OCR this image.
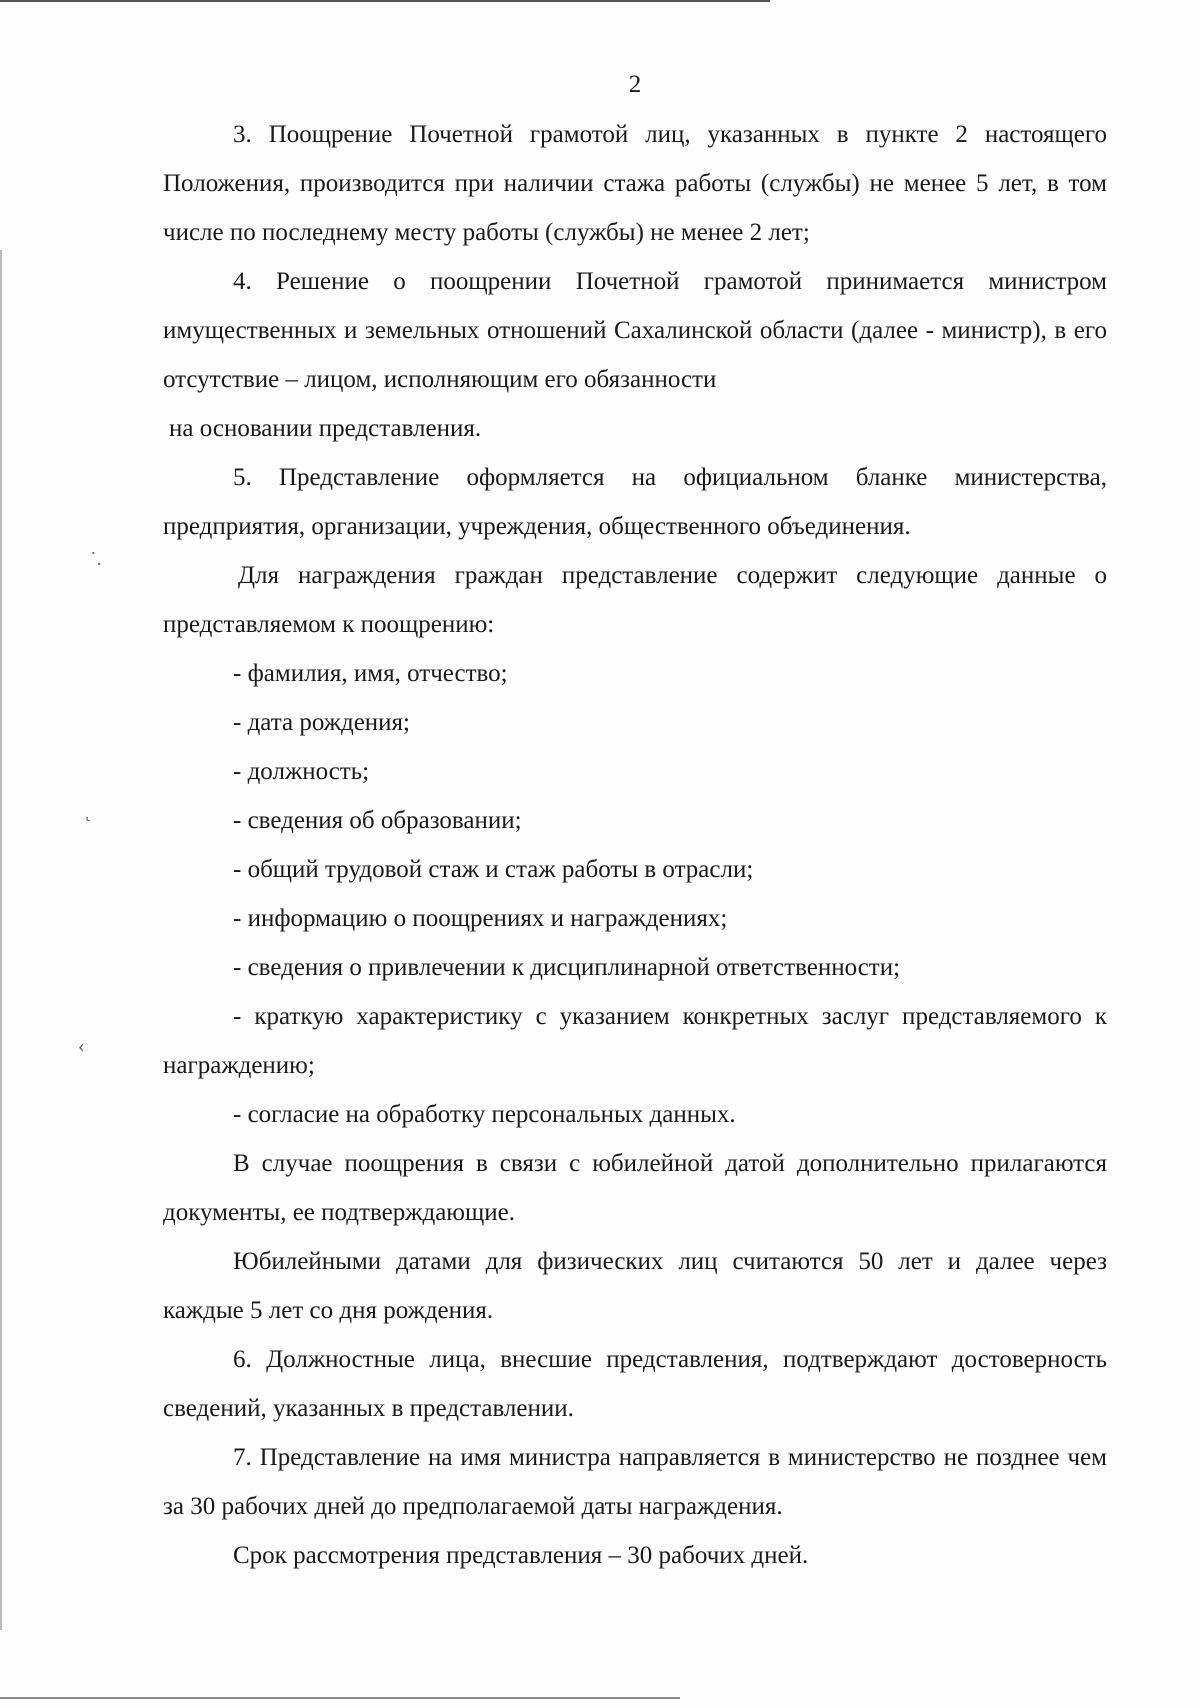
˙.
˛
‹
2

3. Поощрение Почетной грамотой лиц, указанных в пункте 2 настоящего Положения, производится при наличии стажа работы (службы) не менее 5 лет, в том числе по последнему месту работы (службы) не менее 2 лет;

4. Решение о поощрении Почетной грамотой принимается министром имущественных и земельных отношений Сахалинской области (далее - министр), в его отсутствие – лицом, исполняющим его обязанности

на основании представления.

5. Представление оформляется на официальном бланке министерства, предприятия, организации, учреждения, общественного объединения.

Для награждения граждан представление содержит следующие данные о представляемом к поощрению:

- фамилия, имя, отчество;

- дата рождения;

- должность;

- сведения об образовании;

- общий трудовой стаж и стаж работы в отрасли;

- информацию о поощрениях и награждениях;

- сведения о привлечении к дисциплинарной ответственности;

- краткую характеристику с указанием конкретных заслуг представляемого к награждению;

- согласие на обработку персональных данных.

В случае поощрения в связи с юбилейной датой дополнительно прилагаются документы, ее подтверждающие.

Юбилейными датами для физических лиц считаются 50 лет и далее через каждые 5 лет со дня рождения.

6. Должностные лица, внесшие представления, подтверждают достоверность сведений, указанных в представлении.

7. Представление на имя министра направляется в министерство не позднее чем за 30 рабочих дней до предполагаемой даты награждения.

Срок рассмотрения представления – 30 рабочих дней.
